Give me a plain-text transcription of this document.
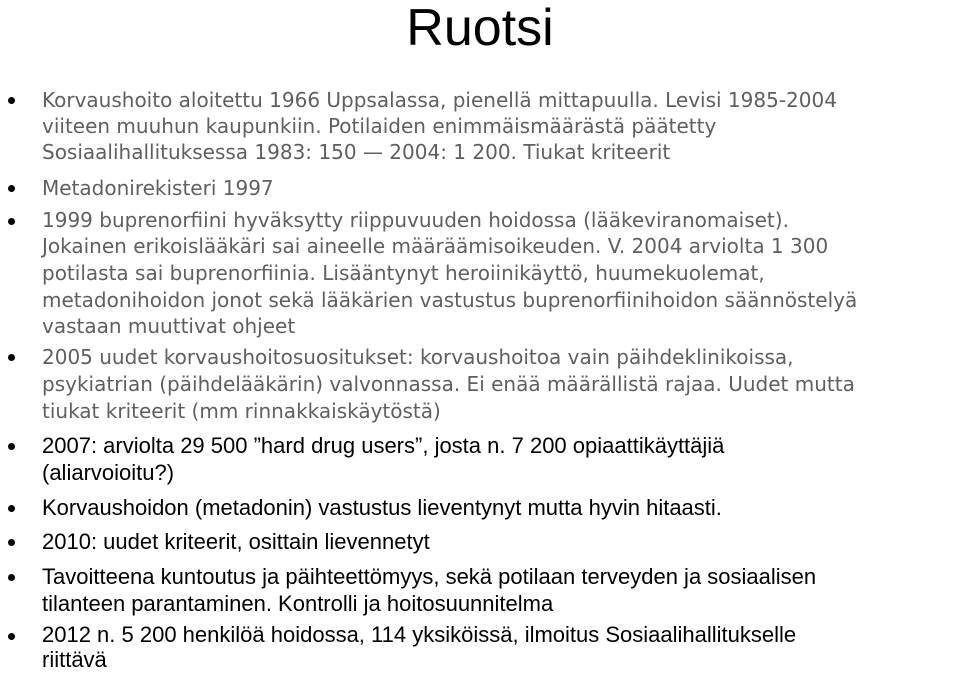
Ruotsi
Korvaushoito aloitettu 1966 Uppsalassa, pienellä mittapuulla. Levisi 1985-2004
viiteen muuhun kaupunkiin. Potilaiden enimmäismäärästä päätetty
Sosiaalihallituksessa 1983: 150 — 2004: 1 200. Tiukat kriteerit
Metadonirekisteri 1997
1999 buprenorfiini hyväksytty riippuvuuden hoidossa (lääkeviranomaiset).
Jokainen erikoislääkäri sai aineelle määräämisoikeuden. V. 2004 arviolta 1 300
potilasta sai buprenorfiinia. Lisääntynyt heroiinikäyttö, huumekuolemat,
metadonihoidon jonot sekä lääkärien vastustus buprenorfiinihoidon säännöstelyä
vastaan muuttivat ohjeet
2005 uudet korvaushoitosuositukset: korvaushoitoa vain päihdeklinikoissa,
psykiatrian (päihdelääkärin) valvonnassa. Ei enää määrällistä rajaa. Uudet mutta
tiukat kriteerit (mm rinnakkaiskäytöstä)
2007: arviolta 29 500 ”hard drug users”, josta n. 7 200 opiaattikäyttäjiä
(aliarvoioitu?)
Korvaushoidon (metadonin) vastustus lieventynyt mutta hyvin hitaasti.
2010: uudet kriteerit, osittain lievennetyt
Tavoitteena kuntoutus ja päihteettömyys, sekä potilaan terveyden ja sosiaalisen
tilanteen parantaminen. Kontrolli ja hoitosuunnitelma
2012 n. 5 200 henkilöä hoidossa, 114 yksiköissä, ilmoitus Sosiaalihallitukselle
riittävä
